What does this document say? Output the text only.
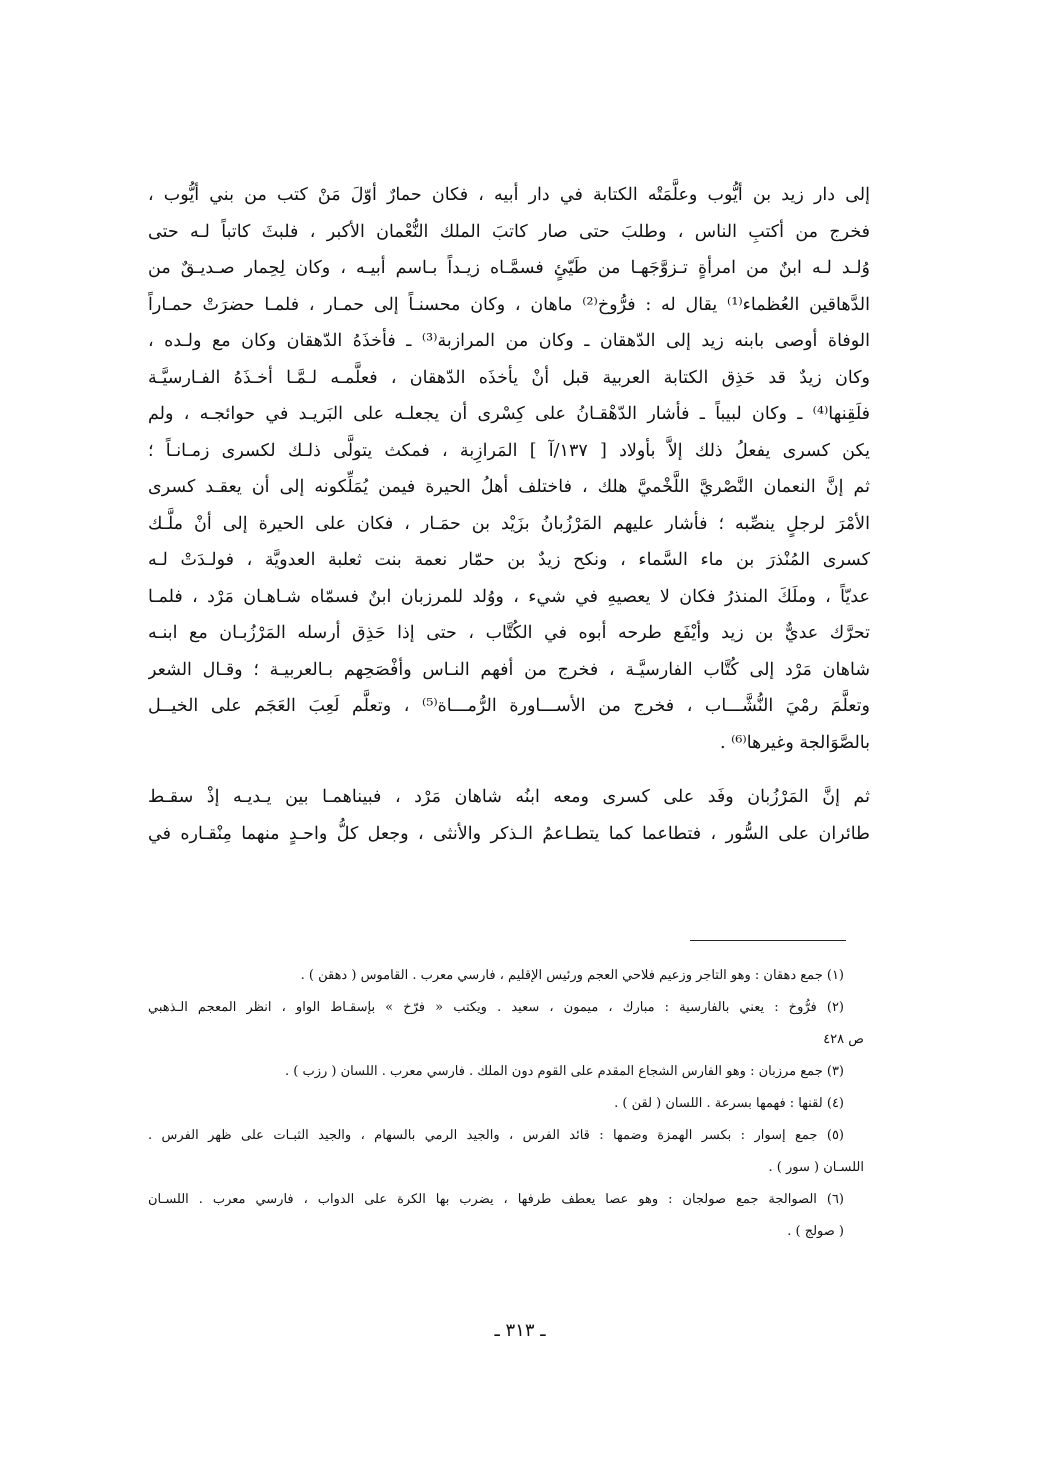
إلى دار زيد بن أيُّوب وعلَّمَتْه الكتابة في دار أبيه ، فكان حمارٌ أوّلَ مَنْ كتب من بني أيُّوب ،
فخرج من أكتبِ الناس ، وطلبَ حتى صار كاتبَ الملك النُّعْمان الأكبر ، فلبثَ كاتباً لـه حتى
وُلـد لـه ابنٌ من امرأةٍ تـزوَّجَهـا من طَيّئٍ فسمَّـاه زيـداً بـاسم أبيـه ، وكان لِحِمار صـديـقٌ من
الدَّهاقين العُظماء⁽¹⁾ يقال له : فرُّوخ⁽²⁾ ماهان ، وكان محسنـاً إلى حمـار ، فلمـا حضرَتْ حمـاراً
الوفاة أوصى بابنه زيد إلى الدّهقان ـ وكان من المرازبة⁽³⁾ ـ فأخذَهُ الدّهقان وكان مع ولـده ،
وكان زيدٌ قد حَذِق الكتابة العربية قبل أنْ يأخذَه الدّهقان ، فعلَّمـه لـمَّـا أخـذَهُ الفـارسيَّـة
فلَقِنها⁽⁴⁾ ـ وكان لبيباً ـ فأشار الدّهْقـانُ على كِسْرى أن يجعلـه على البَريـد في حوائجـه ، ولم
يكن كسرى يفعلُ ذلك إلاَّ بأولاد [ ١٣٧/آ ] المَرازِبة ، فمكث يتولَّى ذلـك لكسرى زمـانـاً ؛
ثم إنَّ النعمان النَّصْريَّ اللَّخْميَّ هلك ، فاختلف أهلُ الحيرة فيمن يُمَلِّكونه إلى أن يعقـد كسرى
الأمْرَ لرجلٍ ينصِّبه ؛ فأشار عليهم المَرْزُبانُ بزَيْد بن حمَـار ، فكان على الحيرة إلى أنْ ملَّـك
كسرى المُنْذرَ بن ماء السَّماء ، ونكح زيدٌ بن حمّار نعمة بنت ثعلبة العدويَّة ، فولـدَتْ لـه
عديّاً ، وملَكَ المنذرُ فكان لا يعصيهِ في شيء ، ووُلد للمرزبان ابنٌ فسمّاه شـاهـان مَرْد ، فلمـا
تحرَّك عديٌّ بن زيد وأيْفَع طرحه أبوه في الكُتَّاب ، حتى إذا حَذِق أرسله المَرْزُبـان مع ابنـه
شاهان مَرْد إلى كُتَّاب الفارسيَّـة ، فخرج من أفهم النـاس وأفْصَحِهم بـالعربيـة ؛ وقـال الشعر
وتعلَّمَ رمْيَ النُّشَّـــاب ، فخرج من الأســـاورة الرُّمـــاة⁽⁵⁾ ، وتعلَّم لَعِبَ العَجَم على الخيــل
بالصَّوَالجة وغيرها⁽⁶⁾ .
ثم إنَّ المَرْزُبان وفَد على كسرى ومعه ابنُه شاهان مَرْد ، فبيناهمـا بين يـديـه إذْ سقـط
طائران على السُّور ، فتطاعما كما يتطـاعمُ الـذكر والأنثى ، وجعل كلُّ واحـدٍ منهما مِنْقـاره في
(١) جمع دهقان : وهو التاجر وزعيم فلاحي العجم ورئيس الإقليم ، فارسي معرب . القاموس ( دهقن ) .
(٢) فرُّوخ : يعني بالفارسية : مبارك ، ميمون ، سعيد . ويكتب « فرّخ » بإسقـاط الواو ، انظر المعجم الـذهبي
ص ٤٢٨
(٣) جمع مرزبان : وهو الفارس الشجاع المقدم على القوم دون الملك . فارسي معرب . اللسان ( رزب ) .
(٤) لقنها : فهمها بسرعة . اللسان ( لقن ) .
(٥) جمع إسوار : بكسر الهمزة وضمها : قائد الفرس ، والجيد الرمي بالسهام ، والجيد الثبـات على ظهر الفرس .
اللسـان ( سور ) .
(٦) الصوالجة جمع صولجان : وهو عصا يعطف طرفها ، يضرب بها الكرة على الدواب ، فارسي معرب . اللسـان
( صولج ) .
ـ ٣١٣ ـ
